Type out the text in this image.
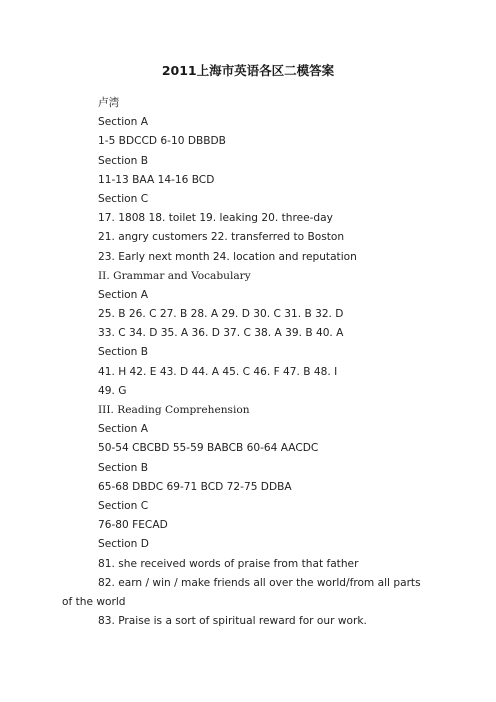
2011上海市英语各区二模答案
卢湾
Section A
1-5 BDCCD 6-10 DBBDB
Section B
11-13 BAA 14-16 BCD
Section C
17. 1808 18. toilet 19. leaking 20. three-day
21. angry customers 22. transferred to Boston
23. Early next month 24. location and reputation
II. Grammar and Vocabulary
Section A
25. B 26. C 27. B 28. A 29. D 30. C 31. B 32. D
33. C 34. D 35. A 36. D 37. C 38. A 39. B 40. A
Section B
41. H 42. E 43. D 44. A 45. C 46. F 47. B 48. I
49. G
III. Reading Comprehension
Section A
50-54 CBCBD 55-59 BABCB 60-64 AACDC
Section B
65-68 DBDC 69-71 BCD 72-75 DDBA
Section C
76-80 FECAD
Section D
81. she received words of praise from that father
82. earn / win / make friends all over the world/from all parts
of the world
83. Praise is a sort of spiritual reward for our work.
